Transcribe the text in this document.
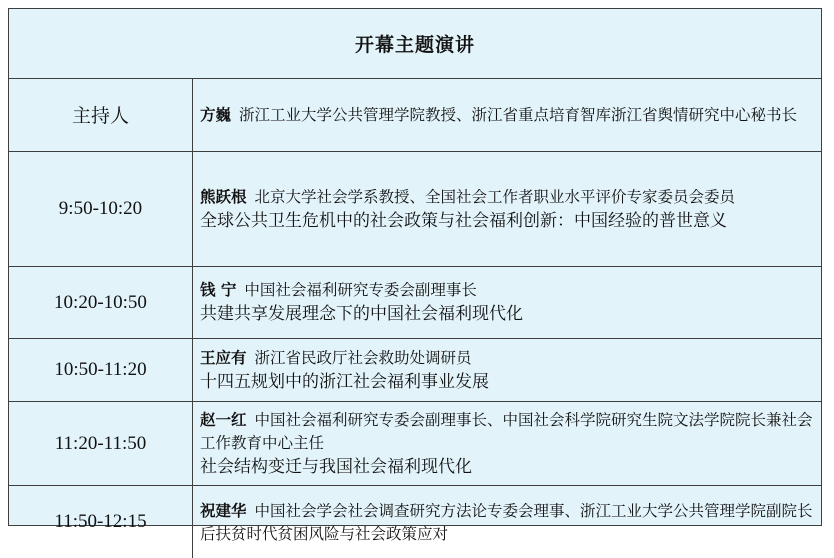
开幕主题演讲
主持人	方巍 浙江工业大学公共管理学院教授、浙江省重点培育智库浙江省舆情研究中心秘书长
9:50-10:20	熊跃根 北京大学社会学系教授、全国社会工作者职业水平评价专家委员会委员
全球公共卫生危机中的社会政策与社会福利创新：中国经验的普世意义

10:20-10:50	钱 宁 中国社会福利研究专委会副理事长
共建共享发展理念下的中国社会福利现代化

10:50-11:20	王应有 浙江省民政厅社会救助处调研员
十四五规划中的浙江社会福利事业发展

11:20-11:50	赵一红 中国社会福利研究专委会副理事长、中国社会科学院研究生院文法学院院长兼社会工作教育中心主任
社会结构变迁与我国社会福利现代化

11:50-12:15	祝建华 中国社会学会社会调查研究方法论专委会理事、浙江工业大学公共管理学院副院长后扶贫时代贫困风险与社会政策应对
